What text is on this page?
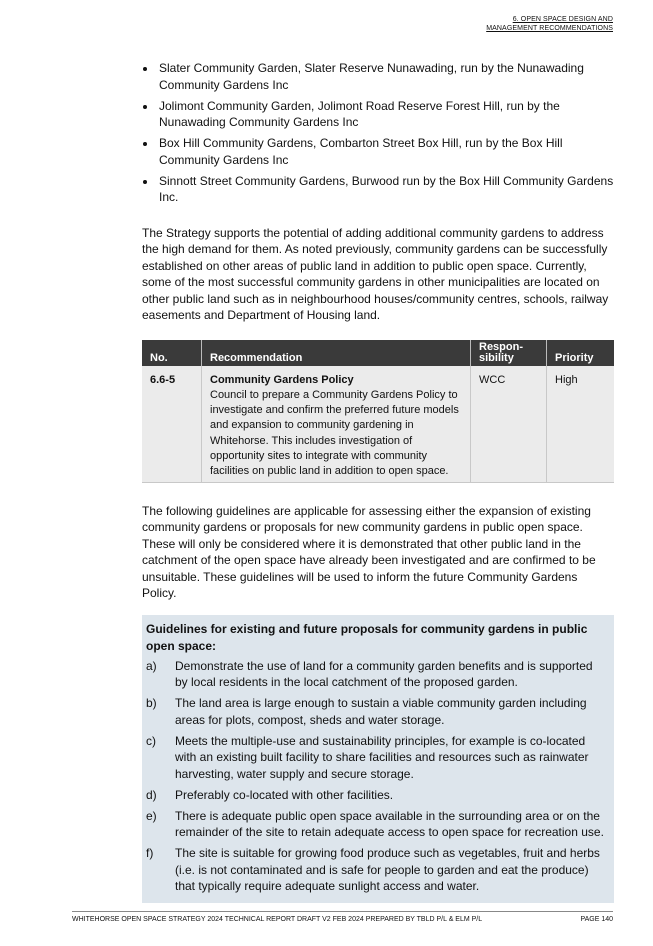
6. OPEN SPACE DESIGN AND
MANAGEMENT RECOMMENDATIONS
Slater Community Garden, Slater Reserve Nunawading, run by the Nunawading Community Gardens Inc
Jolimont Community Garden, Jolimont Road Reserve Forest Hill, run by the Nunawading Community Gardens Inc
Box Hill Community Gardens, Combarton Street Box Hill, run by the Box Hill Community Gardens Inc
Sinnott Street Community Gardens, Burwood run by the Box Hill Community Gardens Inc.

The Strategy supports the potential of adding additional community gardens to address the high demand for them. As noted previously, community gardens can be successfully established on other areas of public land in addition to public open space. Currently, some of the most successful community gardens in other municipalities are located on other public land such as in neighbourhood houses/community centres, schools, railway easements and Department of Housing land.

No.	Recommendation	Respon-
sibility	Priority
6.6-5	Community Gardens Policy
Council to prepare a Community Gardens Policy to investigate and confirm the preferred future models and expansion to community gardening in Whitehorse. This includes investigation of opportunity sites to integrate with community facilities on public land in addition to open space.	WCC	High

The following guidelines are applicable for assessing either the expansion of existing community gardens or proposals for new community gardens in public open space. These will only be considered where it is demonstrated that other public land in the catchment of the open space have already been investigated and are confirmed to be unsuitable. These guidelines will be used to inform the future Community Gardens Policy.

Guidelines for existing and future proposals for community gardens in public open space:

a) Demonstrate the use of land for a community garden benefits and is supported by local residents in the local catchment of the proposed garden.
b) The land area is large enough to sustain a viable community garden including areas for plots, compost, sheds and water storage.
c) Meets the multiple-use and sustainability principles, for example is co-located with an existing built facility to share facilities and resources such as rainwater harvesting, water supply and secure storage.
d) Preferably co-located with other facilities.
e) There is adequate public open space available in the surrounding area or on the remainder of the site to retain adequate access to open space for recreation use.
f) The site is suitable for growing food produce such as vegetables, fruit and herbs (i.e. is not contaminated and is safe for people to garden and eat the produce) that typically require adequate sunlight access and water.
WHITEHORSE OPEN SPACE STRATEGY 2024 TECHNICAL REPORT DRAFT V2 FEB 2024 PREPARED BY TBLD P/L & ELM P/L	PAGE 140
